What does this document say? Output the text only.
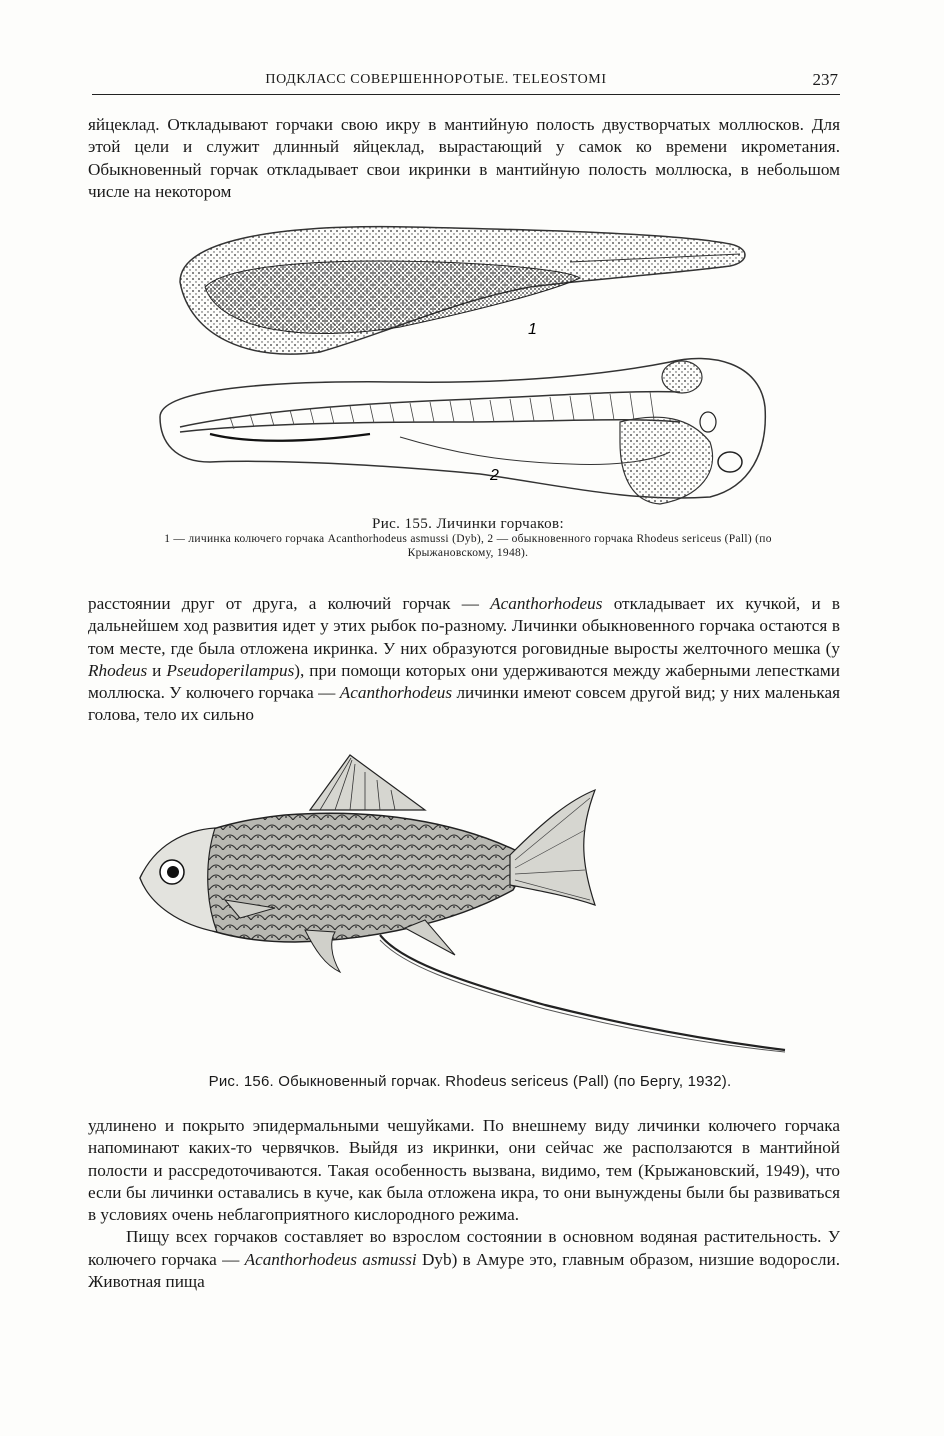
ПОДКЛАСС СОВЕРШЕННОРОТЫЕ. TELEOSTOMI	237

яйцеклад. Откладывают горчаки свою икру в мантийную полость двустворчатых моллюсков. Для этой цели и служит длинный яйцеклад, вырастающий у самок ко времени икрометания. Обыкновенный горчак откладывает свои икринки в мантийную полость моллюска, в небольшом числе на некотором

1
2
Рис. 155. Личинки горчаков:
1 — личинка колючего горчака Acanthorhodeus asmussi (Dyb), 2 — обыкновенного горчака Rhodeus sericeus (Pall) (по Крыжановскому, 1948).

расстоянии друг от друга, а колючий горчак — Acanthorhodeus откладывает их кучкой, и в дальнейшем ход развития идет у этих рыбок по-разному. Личинки обыкновенного горчака остаются в том месте, где была отложена икринка. У них образуются роговидные выросты желточного мешка (у Rhodeus и Pseudoperilampus), при помощи которых они удерживаются между жаберными лепестками моллюска. У колючего горчака — Acanthorhodeus личинки имеют совсем другой вид; у них маленькая голова, тело их сильно

Рис. 156. Обыкновенный горчак. Rhodeus sericeus (Pall) (по Бергу, 1932).

удлинено и покрыто эпидермальными чешуйками. По внешнему виду личинки колючего горчака напоминают каких-то червячков. Выйдя из икринки, они сейчас же расползаются в мантийной полости и рассредоточиваются. Такая особенность вызвана, видимо, тем (Крыжановский, 1949), что если бы личинки оставались в куче, как была отложена икра, то они вынуждены были бы развиваться в условиях очень неблагоприятного кислородного режима.

Пищу всех горчаков составляет во взрослом состоянии в основном водяная растительность. У колючего горчака — Acanthorhodeus asmussi Dyb) в Амуре это, главным образом, низшие водоросли. Животная пища
